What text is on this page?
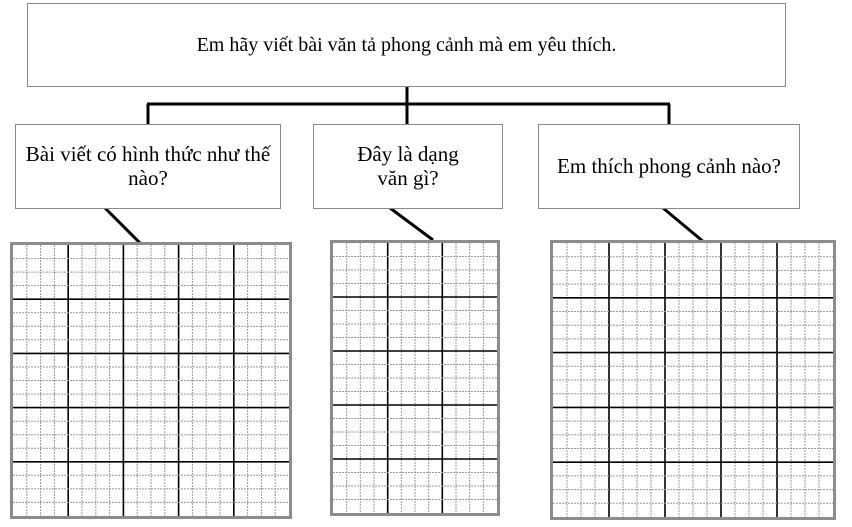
Em hãy viết bài văn tả phong cảnh mà em yêu thích.
Bài viết có hình thức như thế nào?
Đây là dạng văn gì?	Em thích phong cảnh nào?
